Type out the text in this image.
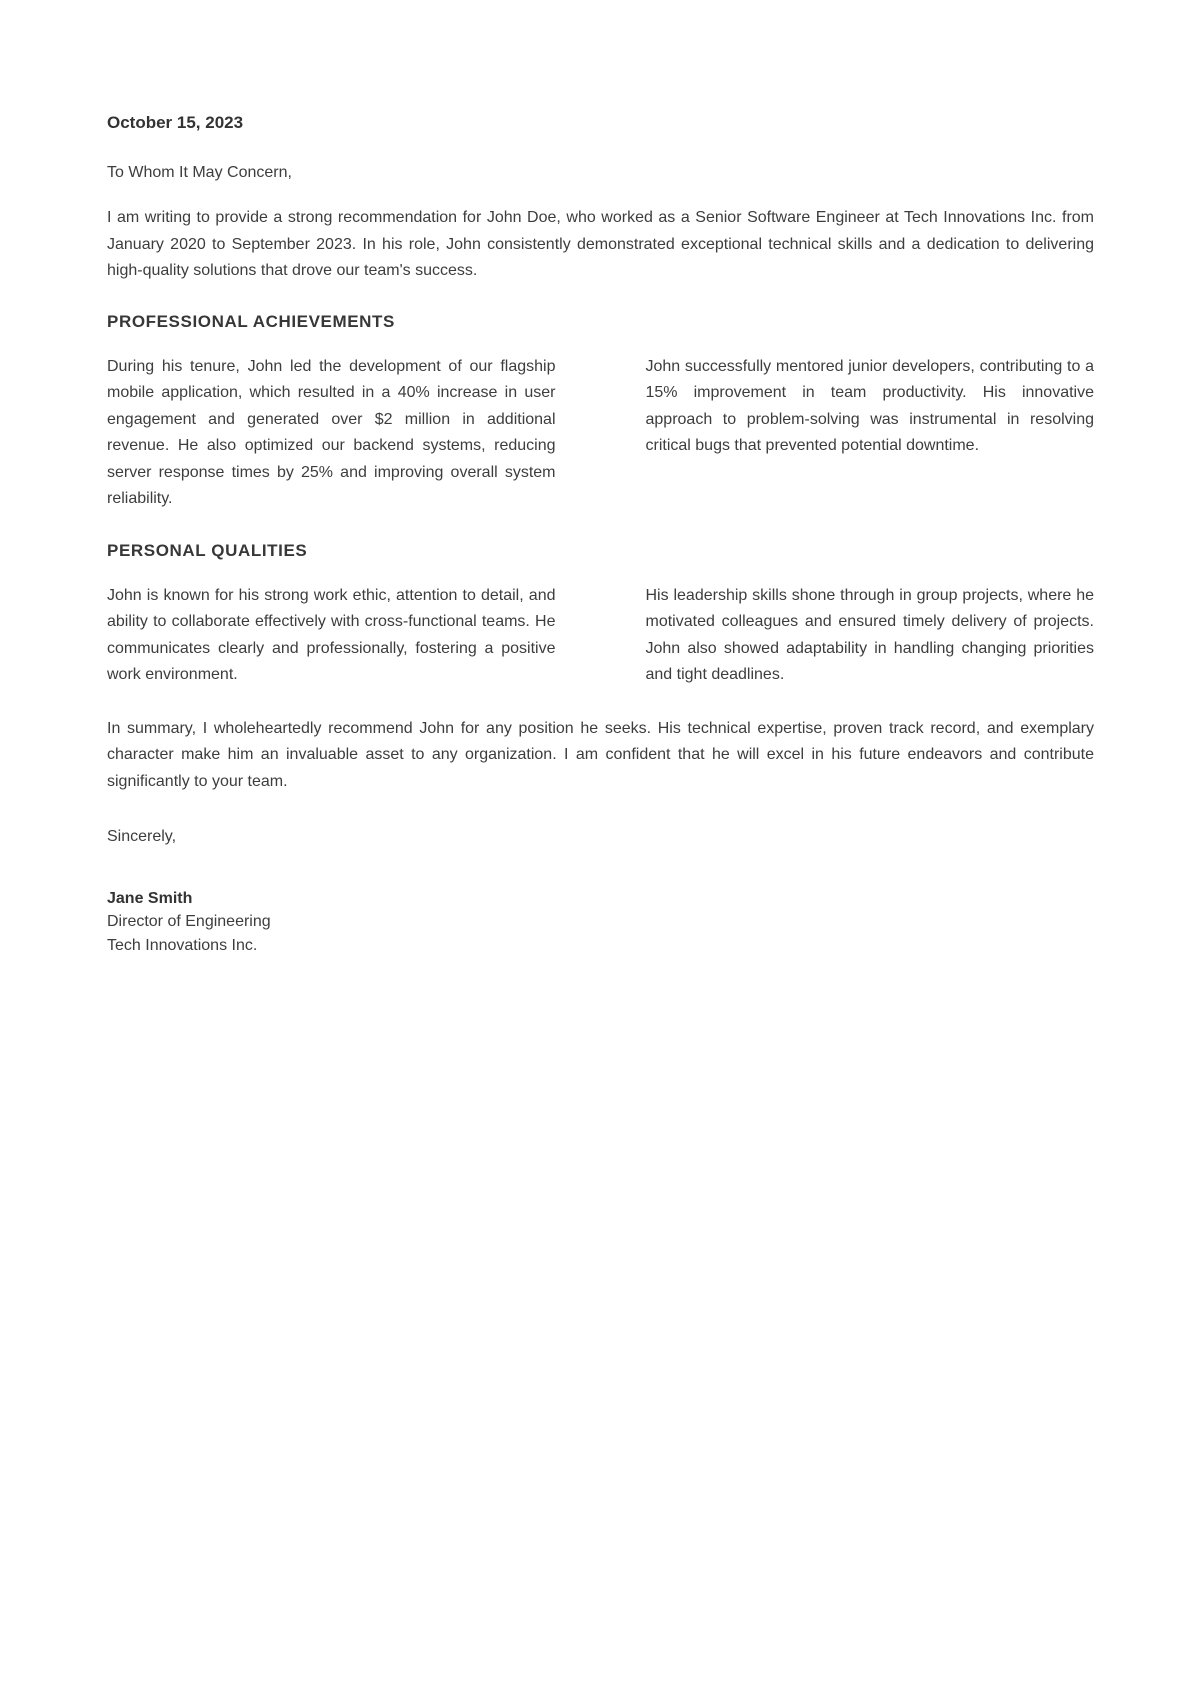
October 15, 2023

To Whom It May Concern,

I am writing to provide a strong recommendation for John Doe, who worked as a Senior Software Engineer at Tech Innovations Inc. from January 2020 to September 2023. In his role, John consistently demonstrated exceptional technical skills and a dedication to delivering high-quality solutions that drove our team's success.

PROFESSIONAL ACHIEVEMENTS

During his tenure, John led the development of our flagship mobile application, which resulted in a 40% increase in user engagement and generated over $2 million in additional revenue. He also optimized our backend systems, reducing server response times by 25% and improving overall system reliability.

John successfully mentored junior developers, contributing to a 15% improvement in team productivity. His innovative approach to problem-solving was instrumental in resolving critical bugs that prevented potential downtime.

PERSONAL QUALITIES

John is known for his strong work ethic, attention to detail, and ability to collaborate effectively with cross-functional teams. He communicates clearly and professionally, fostering a positive work environment.

His leadership skills shone through in group projects, where he motivated colleagues and ensured timely delivery of projects. John also showed adaptability in handling changing priorities and tight deadlines.

In summary, I wholeheartedly recommend John for any position he seeks. His technical expertise, proven track record, and exemplary character make him an invaluable asset to any organization. I am confident that he will excel in his future endeavors and contribute significantly to your team.

Sincerely,

Jane Smith

Director of Engineering

Tech Innovations Inc.
